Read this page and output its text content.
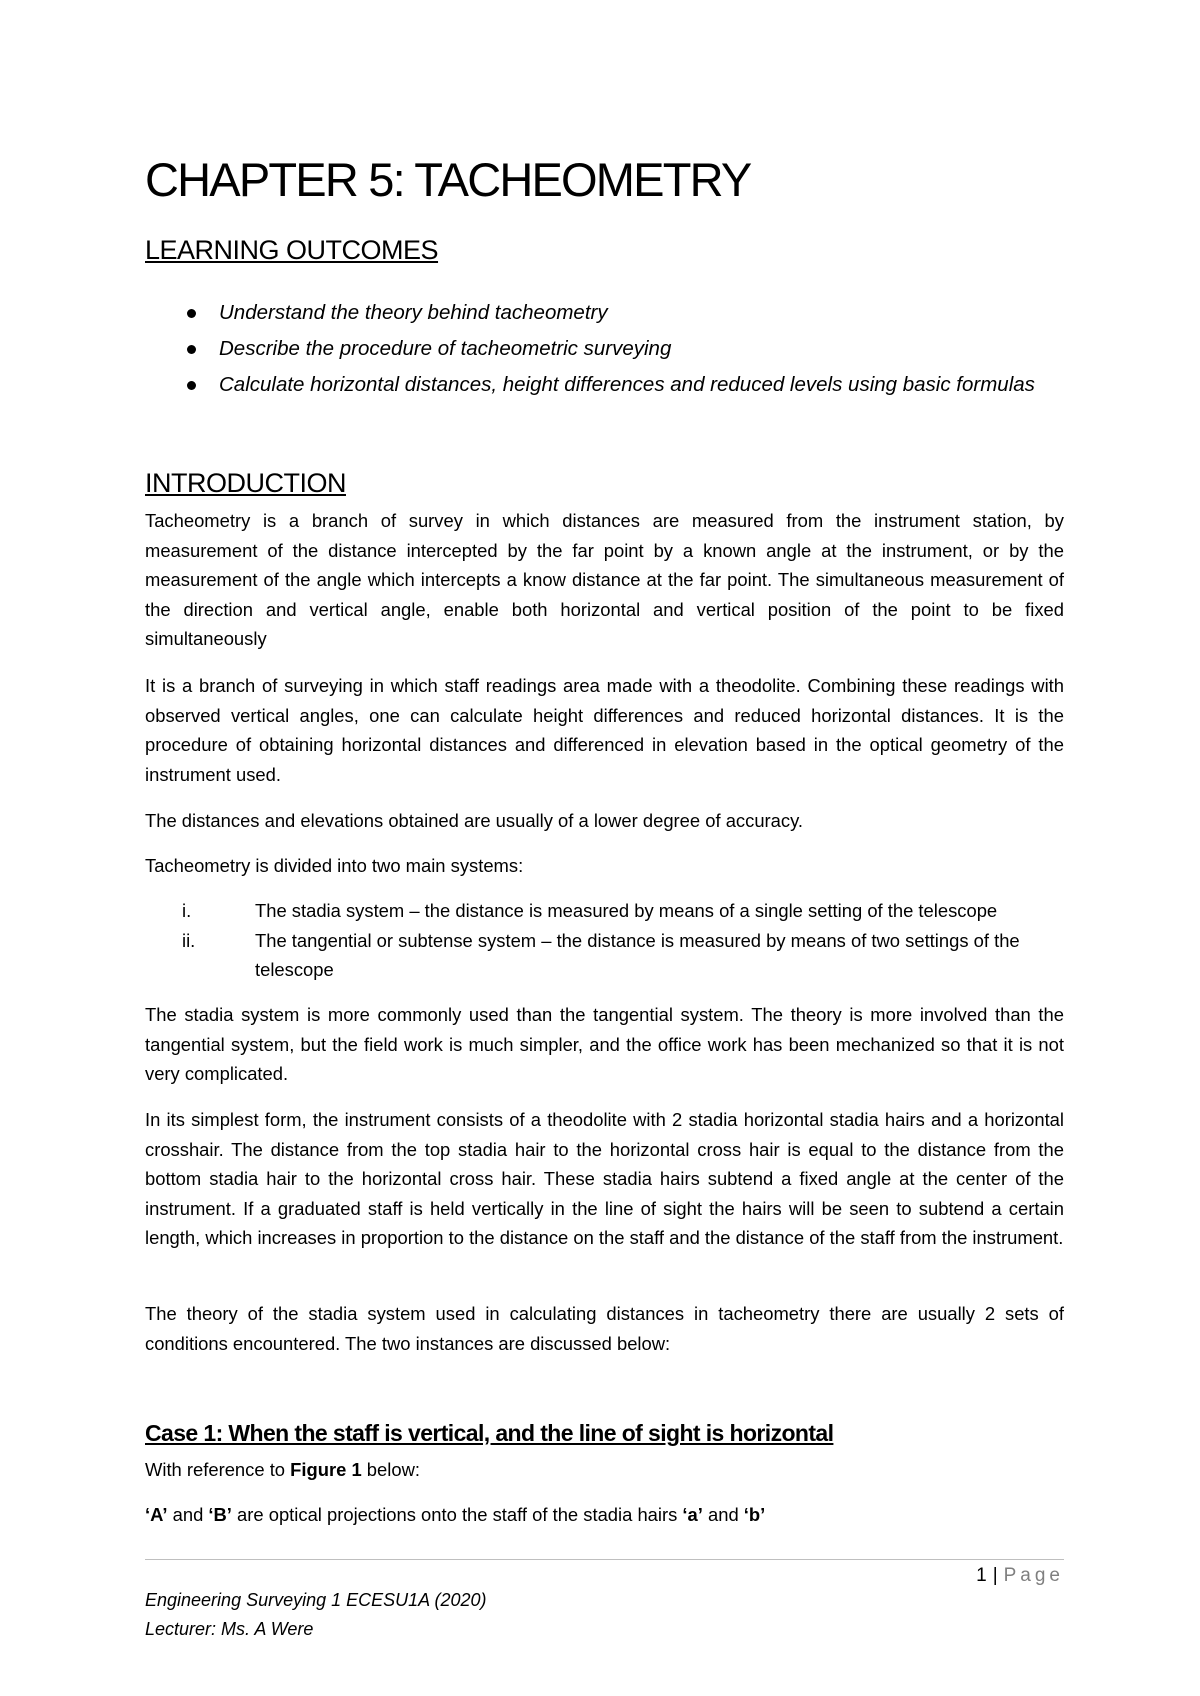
CHAPTER 5: TACHEOMETRY
LEARNING OUTCOMES
Understand the theory behind tacheometry
Describe the procedure of tacheometric surveying
Calculate horizontal distances, height differences and reduced levels using basic formulas
INTRODUCTION

Tacheometry is a branch of survey in which distances are measured from the instrument station, by measurement of the distance intercepted by the far point by a known angle at the instrument, or by the measurement of the angle which intercepts a know distance at the far point. The simultaneous measurement of the direction and vertical angle, enable both horizontal and vertical position of the point to be fixed simultaneously

It is a branch of surveying in which staff readings area made with a theodolite. Combining these readings with observed vertical angles, one can calculate height differences and reduced horizontal distances. It is the procedure of obtaining horizontal distances and differenced in elevation based in the optical geometry of the instrument used.

The distances and elevations obtained are usually of a lower degree of accuracy.

Tacheometry is divided into two main systems:

i.	The stadia system – the distance is measured by means of a single setting of the telescope
ii.	The tangential or subtense system – the distance is measured by means of two settings of the telescope

The stadia system is more commonly used than the tangential system. The theory is more involved than the tangential system, but the field work is much simpler, and the office work has been mechanized so that it is not very complicated.

In its simplest form, the instrument consists of a theodolite with 2 stadia horizontal stadia hairs and a horizontal crosshair. The distance from the top stadia hair to the horizontal cross hair is equal to the distance from the bottom stadia hair to the horizontal cross hair. These stadia hairs subtend a fixed angle at the center of the instrument. If a graduated staff is held vertically in the line of sight the hairs will be seen to subtend a certain length, which increases in proportion to the distance on the staff and the distance of the staff from the instrument.

The theory of the stadia system used in calculating distances in tacheometry there are usually 2 sets of conditions encountered. The two instances are discussed below:

Case 1: When the staff is vertical, and the line of sight is horizontal

With reference to Figure 1 below:

‘A’ and ‘B’ are optical projections onto the staff of the stadia hairs ‘a’ and ‘b’

1 | Page
Engineering Surveying 1 ECESU1A (2020)
Lecturer: Ms. A Were
